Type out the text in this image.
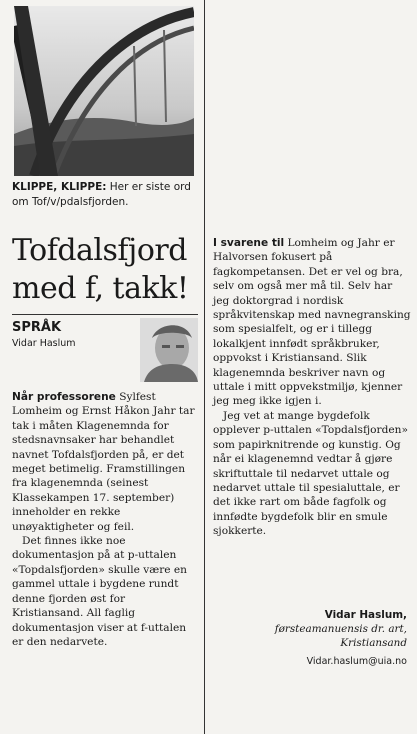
KLIPPE, KLIPPE: Her er siste ord om Tof/v/pdalsfjorden.
Tofdalsfjord
med f, takk!
SPRÅK
Vidar Haslum

Når professorene Sylfest Lomheim og Ernst Håkon Jahr tar tak i måten Klagenemnda for stedsnavnsaker har behandlet navnet Tofdalsfjorden på, er det meget betimelig. Framstillingen fra klagenemnda (seinest Klassekampen 17. september) inneholder en rekke unøyaktigheter og feil.

Det finnes ikke noe dokumentasjon på at p-uttalen «Topdalsfjorden» skulle være en gammel uttale i bygdene rundt denne fjorden øst for Kristiansand. All faglig dokumentasjon viser at f-uttalen er den nedarvete.

I svarene til Lomheim og Jahr er Halvorsen fokusert på fagkompetansen. Det er vel og bra, selv om også mer må til. Selv har jeg doktorgrad i nordisk språkvitenskap med navnegransking som spesialfelt, og er i tillegg lokalkjent innfødt språkbruker, oppvokst i Kristiansand. Slik klagenemnda beskriver navn og uttale i mitt oppvekstmiljø, kjenner jeg meg ikke igjen i.

Jeg vet at mange bygdefolk opplever p-uttalen «Topdalsfjorden» som papirknitrende og kunstig. Og når ei klagenemnd vedtar å gjøre skriftuttale til nedarvet uttale og nedarvet uttale til spesialuttale, er det ikke rart om både fagfolk og innfødte bygdefolk blir en smule sjokkerte.

Vidar Haslum,
førsteamanuensis dr. art,
Kristiansand
Vidar.haslum@uia.no
